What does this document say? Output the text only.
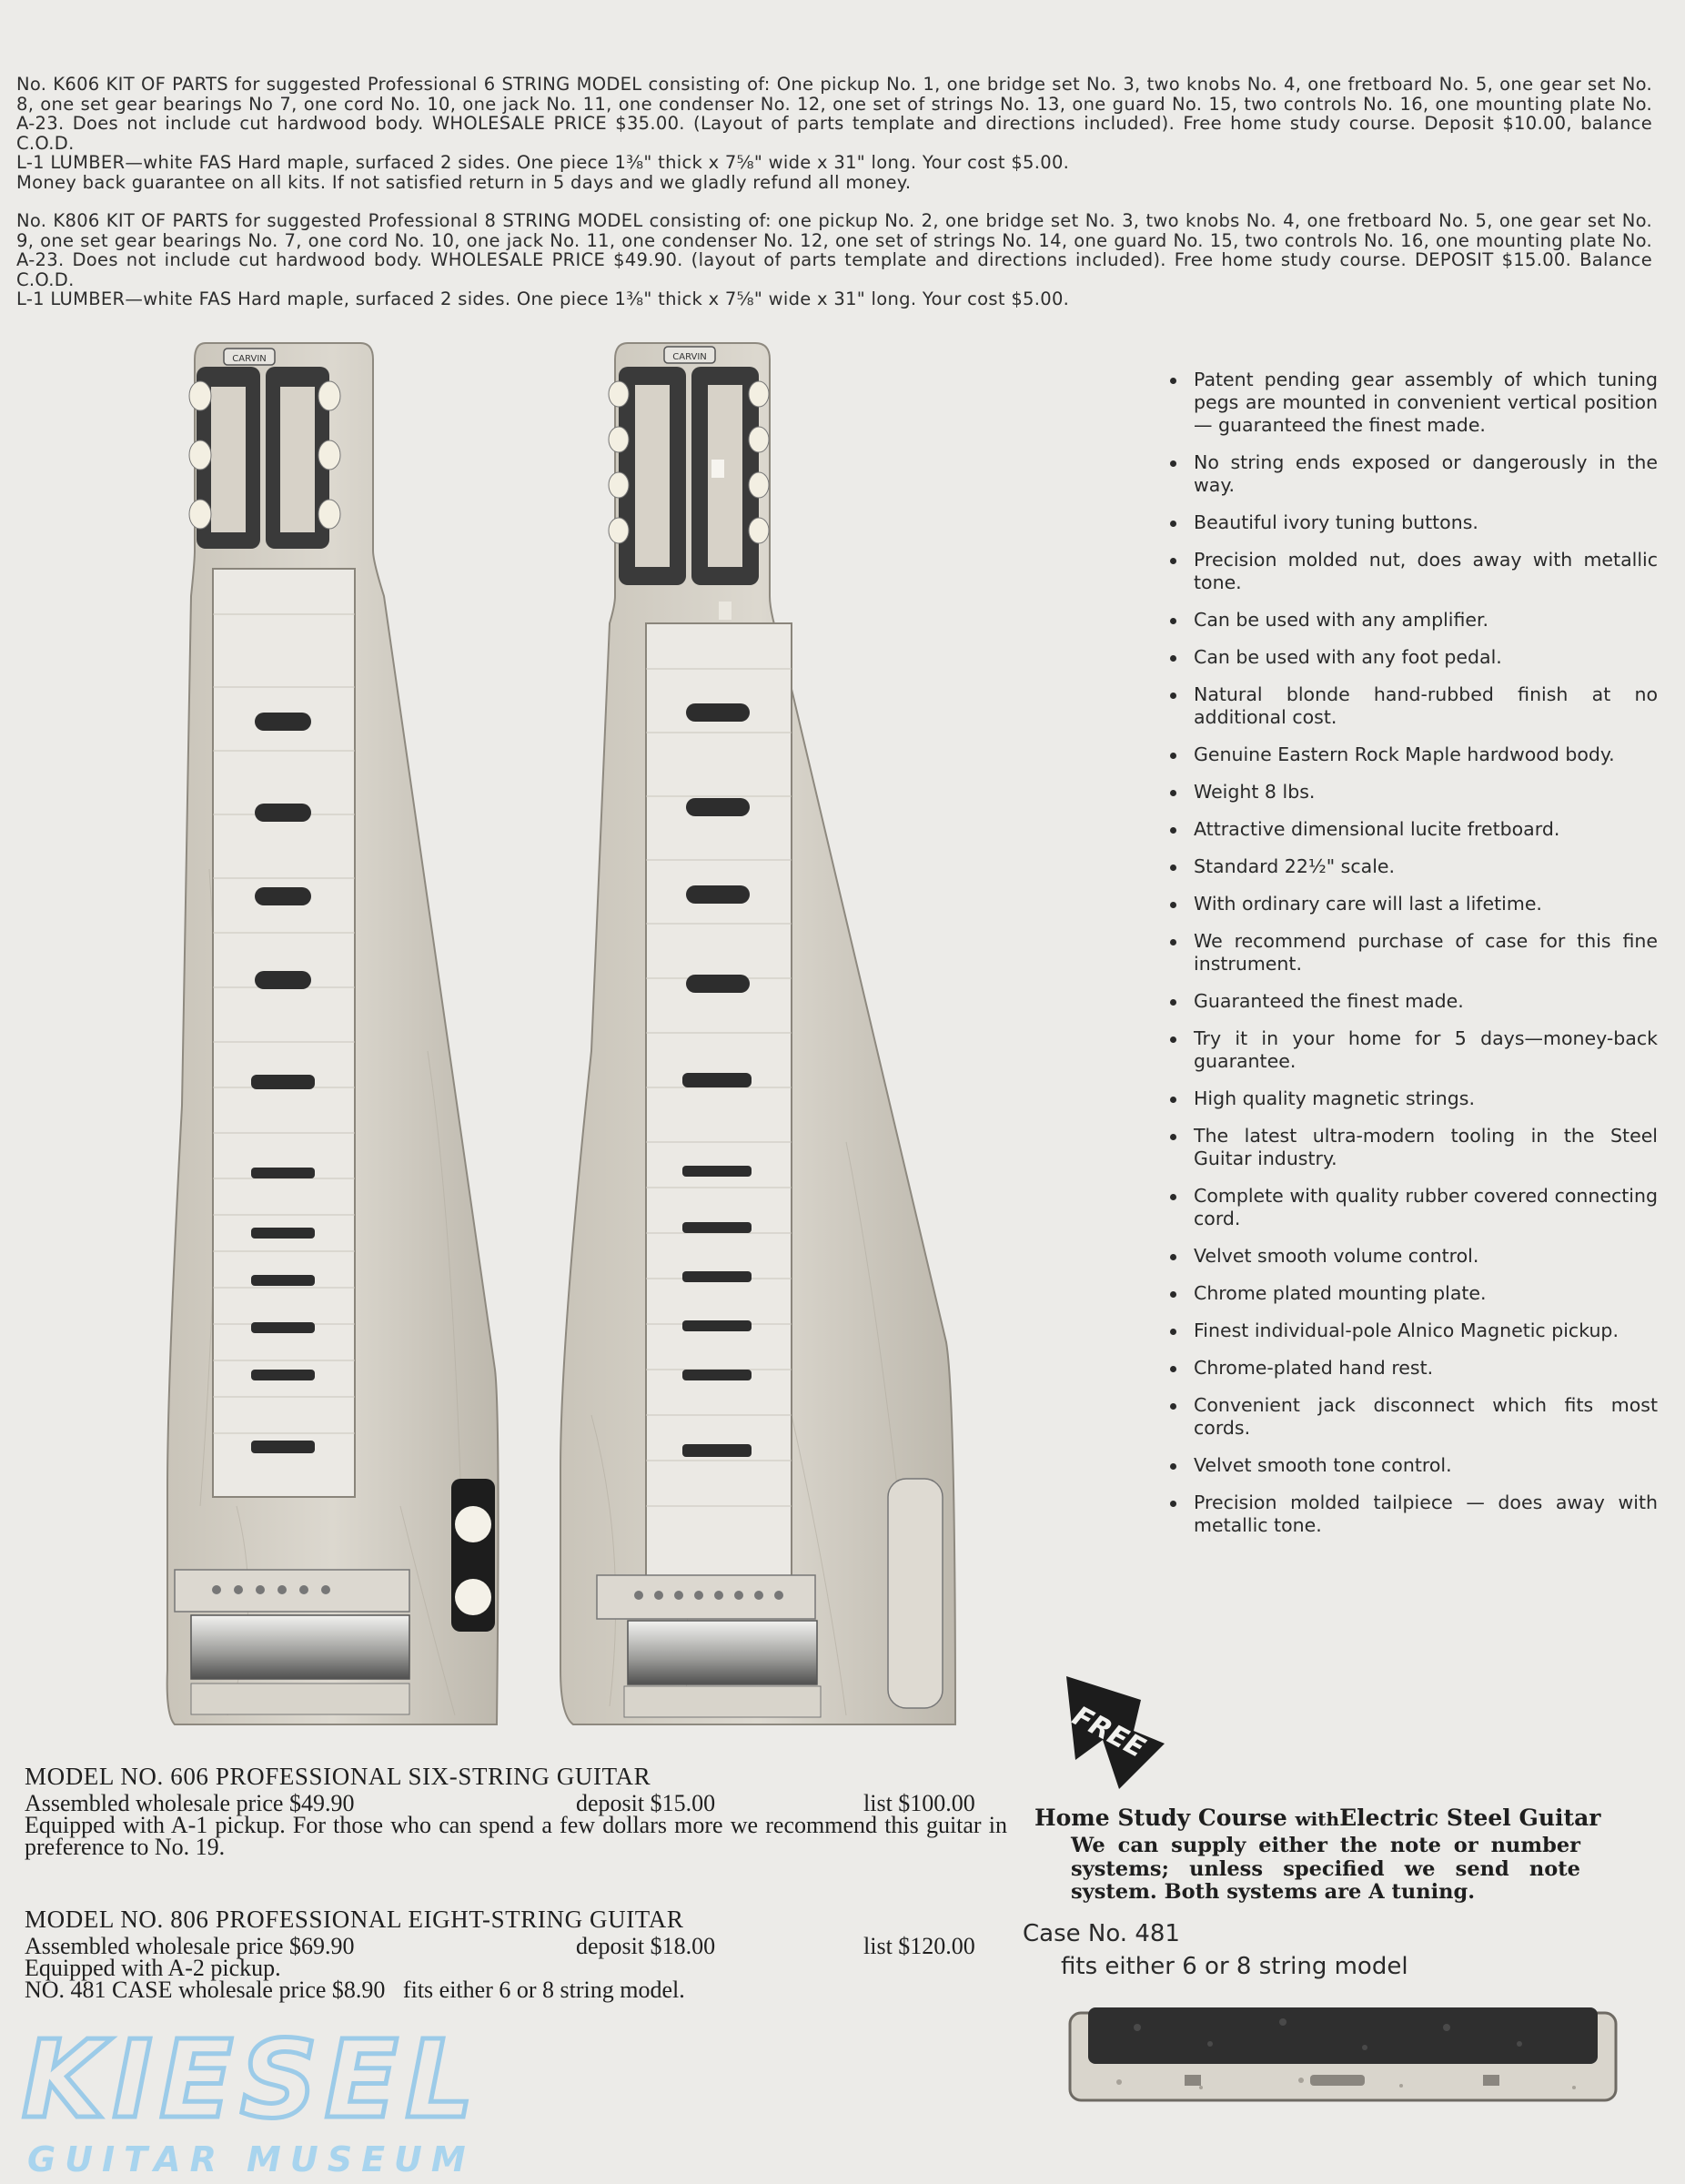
No. K606 KIT OF PARTS for suggested Professional 6 STRING MODEL consisting of: One pickup No. 1, one bridge set No. 3, two knobs No. 4, one fretboard No. 5, one gear set No. 8, one set gear bearings No 7, one cord No. 10, one jack No. 11, one condenser No. 12, one set of strings No. 13, one guard No. 15, two controls No. 16, one mounting plate No. A-23. Does not include cut hardwood body. WHOLESALE PRICE $35.00. (Layout of parts template and directions included). Free home study course. Deposit $10.00, balance C.O.D.

L-1 LUMBER—white FAS Hard maple, surfaced 2 sides. One piece 1⅜" thick x 7⅝" wide x 31" long. Your cost $5.00.

Money back guarantee on all kits. If not satisfied return in 5 days and we gladly refund all money.

No. K806 KIT OF PARTS for suggested Professional 8 STRING MODEL consisting of: one pickup No. 2, one bridge set No. 3, two knobs No. 4, one fretboard No. 5, one gear set No. 9, one set gear bearings No. 7, one cord No. 10, one jack No. 11, one condenser No. 12, one set of strings No. 14, one guard No. 15, two controls No. 16, one mounting plate No. A-23. Does not include cut hardwood body. WHOLESALE PRICE $49.90. (layout of parts template and directions included). Free home study course. DEPOSIT $15.00. Balance C.O.D.

L-1 LUMBER—white FAS Hard maple, surfaced 2 sides. One piece 1⅜" thick x 7⅝" wide x 31" long. Your cost $5.00.

CARVIN	CARVIN
Patent pending gear assembly of which tuning pegs are mounted in convenient vertical position — guaranteed the finest made.
No string ends exposed or dangerously in the way.
Beautiful ivory tuning buttons.
Precision molded nut, does away with metallic tone.
Can be used with any amplifier.
Can be used with any foot pedal.
Natural blonde hand-rubbed finish at no additional cost.
Genuine Eastern Rock Maple hardwood body.
Weight 8 lbs.
Attractive dimensional lucite fretboard.
Standard 22½" scale.
With ordinary care will last a lifetime.
We recommend purchase of case for this fine instrument.
Guaranteed the finest made.
Try it in your home for 5 days—money-back guarantee.
High quality magnetic strings.
The latest ultra-modern tooling in the Steel Guitar industry.
Complete with quality rubber covered connecting cord.
Velvet smooth volume control.
Chrome plated mounting plate.
Finest individual-pole Alnico Magnetic pickup.
Chrome-plated hand rest.
Convenient jack disconnect which fits most cords.
Velvet smooth tone control.
Precision molded tailpiece — does away with metallic tone.
FREE
Home Study Course withElectric Steel Guitar
We can supply either the note or number systems; unless specified we send note system. Both systems are A tuning.
Case No. 481
fits either 6 or 8 string model
MODEL NO. 606 PROFESSIONAL SIX-STRING GUITAR
Assembled wholesale price $49.90	deposit $15.00	list $100.00
Equipped with A-1 pickup. For those who can spend a few dollars more we recommend this guitar in preference to No. 19.
MODEL NO. 806 PROFESSIONAL EIGHT-STRING GUITAR
Assembled wholesale price $69.90	deposit $18.00	list $120.00
Equipped with A-2 pickup.
NO. 481 CASE wholesale price $8.90   fits either 6 or 8 string model.
KIESEL
GUITAR MUSEUM
